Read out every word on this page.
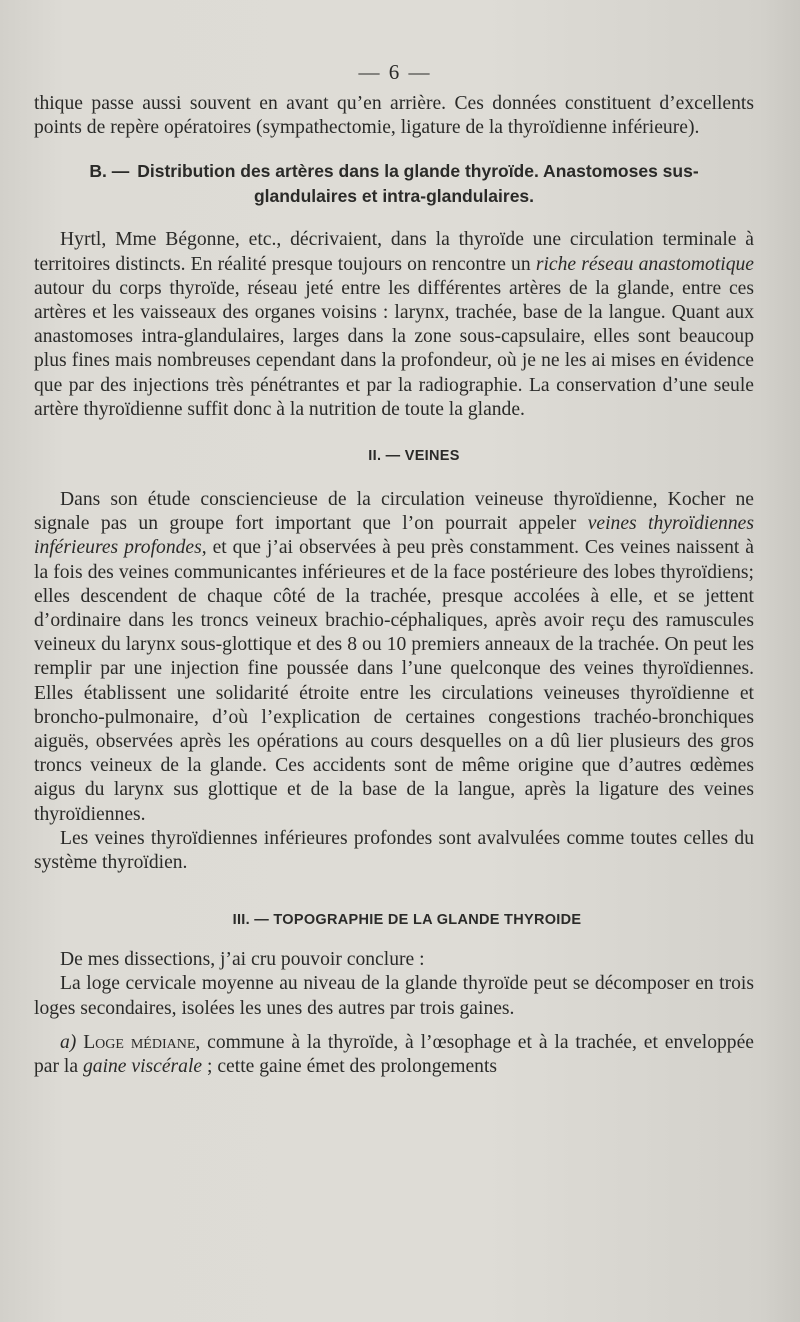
— 6 —

thique passe aussi souvent en avant qu’en arrière. Ces données constituent d’excellents points de repère opératoires (sympathectomie, ligature de la thyroïdienne inférieure).

B. — Distribution des artères dans la glande thyroïde. Anastomoses sus-glandulaires et intra-glandulaires.

Hyrtl, Mme Bégonne, etc., décrivaient, dans la thyroïde une circulation terminale à territoires distincts. En réalité presque toujours on rencontre un riche réseau anastomotique autour du corps thyroïde, réseau jeté entre les différentes artères de la glande, entre ces artères et les vaisseaux des organes voisins : larynx, trachée, base de la langue. Quant aux anastomoses intra-glandulaires, larges dans la zone sous-capsulaire, elles sont beaucoup plus fines mais nombreuses cependant dans la profondeur, où je ne les ai mises en évidence que par des injections très pénétrantes et par la radiographie. La conservation d’une seule artère thyroïdienne suffit donc à la nutrition de toute la glande.

II. — VEINES

Dans son étude consciencieuse de la circulation veineuse thyroïdienne, Kocher ne signale pas un groupe fort important que l’on pourrait appeler veines thyroïdiennes inférieures profondes, et que j’ai observées à peu près constamment. Ces veines naissent à la fois des veines communicantes inférieures et de la face postérieure des lobes thyroïdiens; elles descendent de chaque côté de la trachée, presque accolées à elle, et se jettent d’ordinaire dans les troncs veineux brachio-céphaliques, après avoir reçu des ramuscules veineux du larynx sous-glottique et des 8 ou 10 premiers anneaux de la trachée. On peut les remplir par une injection fine poussée dans l’une quelconque des veines thyroïdiennes. Elles établissent une solidarité étroite entre les circulations veineuses thyroïdienne et broncho-pulmonaire, d’où l’explication de certaines congestions trachéo-bronchiques aiguës, observées après les opérations au cours desquelles on a dû lier plusieurs des gros troncs veineux de la glande. Ces accidents sont de même origine que d’autres œdèmes aigus du larynx sus glottique et de la base de la langue, après la ligature des veines thyroïdiennes.

Les veines thyroïdiennes inférieures profondes sont avalvulées comme toutes celles du système thyroïdien.

III. — TOPOGRAPHIE DE LA GLANDE THYROIDE

De mes dissections, j’ai cru pouvoir conclure :

La loge cervicale moyenne au niveau de la glande thyroïde peut se décomposer en trois loges secondaires, isolées les unes des autres par trois gaines.

a) Loge médiane, commune à la thyroïde, à l’œsophage et à la trachée, et enveloppée par la gaine viscérale ; cette gaine émet des prolongements
